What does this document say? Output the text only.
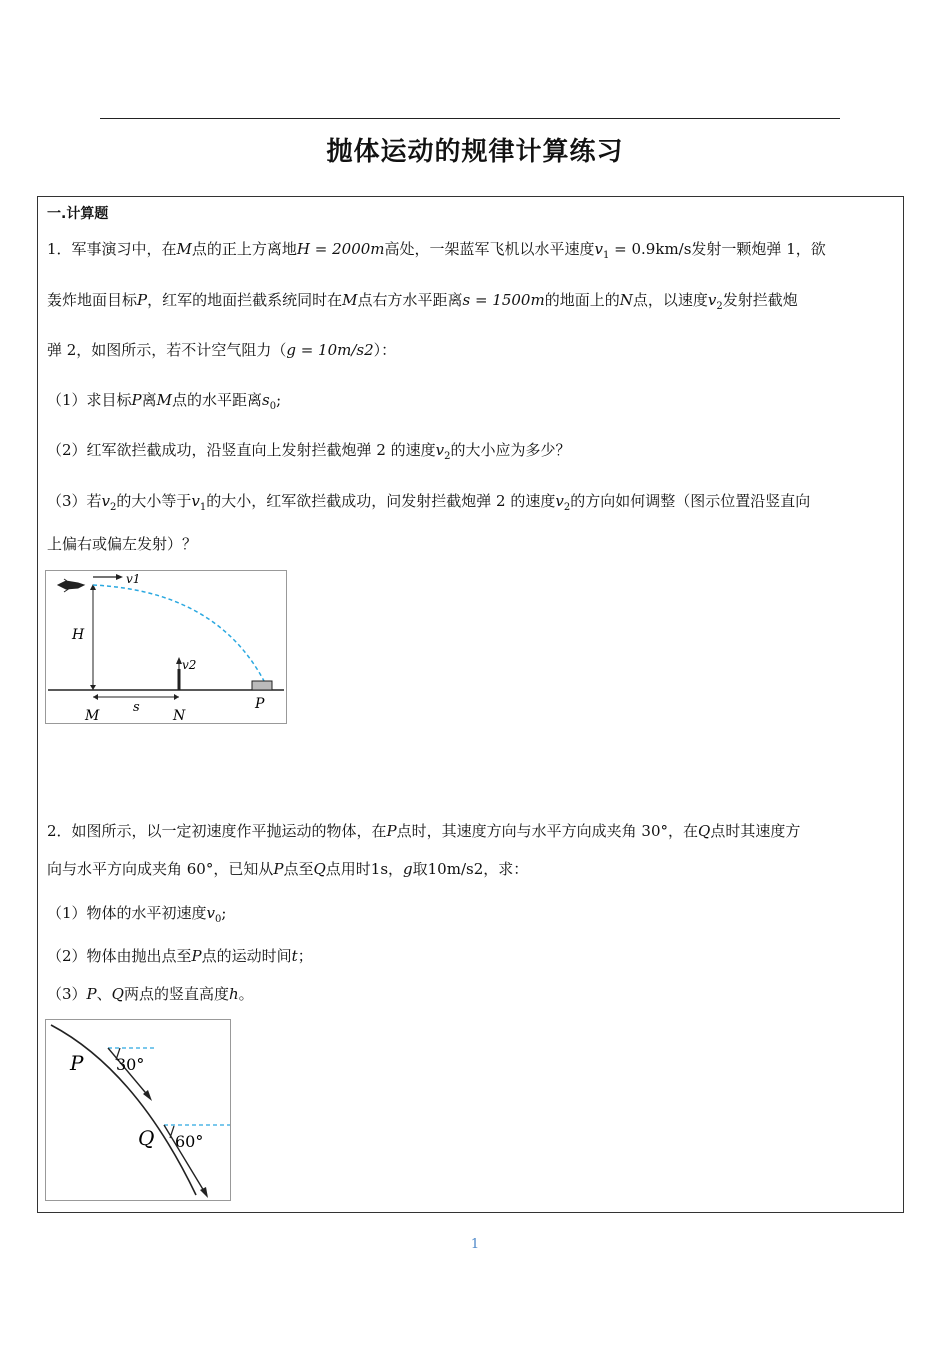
抛体运动的规律计算练习
一.计算题
1．军事演习中，在M点的正上方离地H = 2000m高处，一架蓝军飞机以水平速度$v_1 = 0.9km/s$发射一颗炮弹 1，欲
轰炸地面目标P，红军的地面拦截系统同时在M点右方水平距离s = 1500m的地面上的N点，以速度$v_2$发射拦截炮
弹 2，如图所示，若不计空气阻力（g = 10m/s2）：
（1）求目标P离M点的水平距离$s_0$;
（2）红军欲拦截成功，沿竖直向上发射拦截炮弹 2 的速度$v_2$的大小应为多少？
（3）若$v_2$的大小等于$v_1$的大小，红军欲拦截成功，问发射拦截炮弹 2 的速度$v_2$的方向如何调整（图示位置沿竖直向
上偏右或偏左发射）？
v1
v2
H
M
s
N
P
2．如图所示，以一定初速度作平抛运动的物体，在P点时，其速度方向与水平方向成夹角 30°，在Q点时其速度方
向与水平方向成夹角 60°，已知从P点至Q点用时1s，g取10m/s2，求：
（1）物体的水平初速度$v_0$;
（2）物体由抛出点至P点的运动时间t；
（3）P、Q两点的竖直高度h。
P 30°
Q 60°
1
